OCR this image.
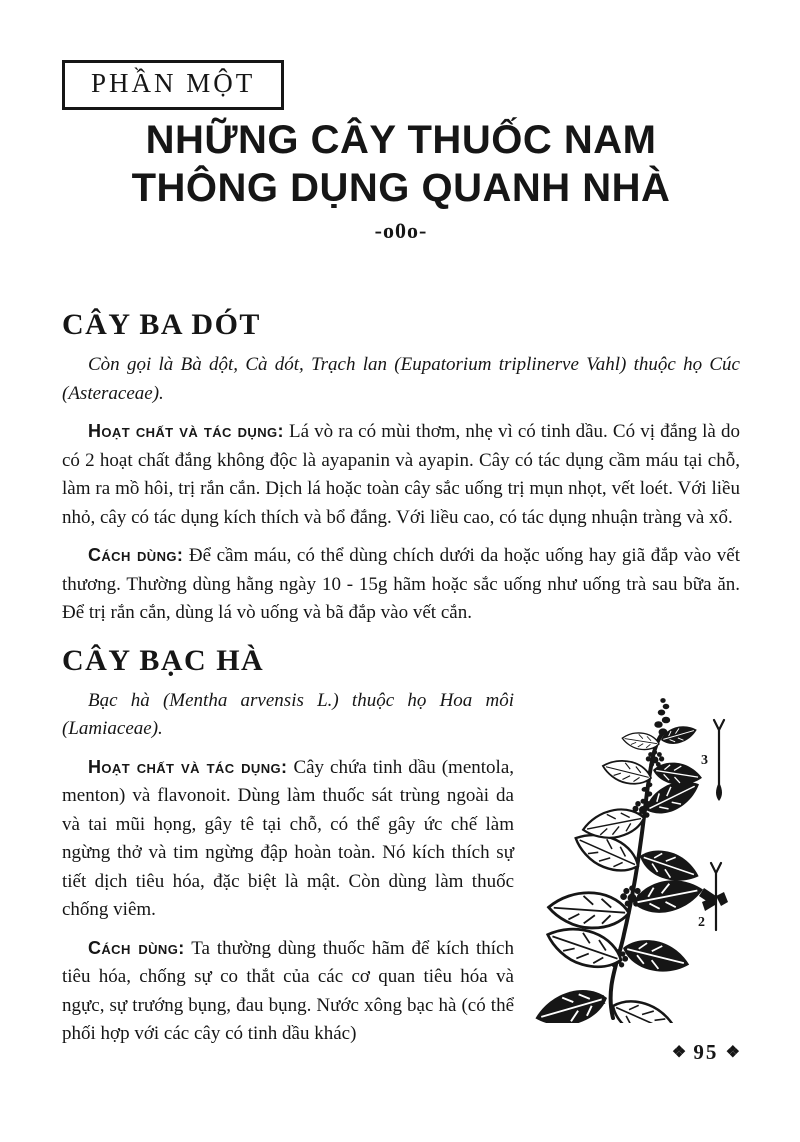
PHẦN MỘT
NHỮNG CÂY THUỐC NAM
THÔNG DỤNG QUANH NHÀ
-o0o-
CÂY BA DÓT

Còn gọi là Bà dột, Cà dót, Trạch lan (Eupatorium triplinerve Vahl) thuộc họ Cúc (Asteraceae).

Hoạt chất và tác dụng: Lá vò ra có mùi thơm, nhẹ vì có tinh dầu. Có vị đắng là do có 2 hoạt chất đắng không độc là ayapanin và ayapin. Cây có tác dụng cầm máu tại chỗ, làm ra mồ hôi, trị rắn cắn. Dịch lá hoặc toàn cây sắc uống trị mụn nhọt, vết loét. Với liều nhỏ, cây có tác dụng kích thích và bổ đắng. Với liều cao, có tác dụng nhuận tràng và xổ.

Cách dùng: Để cầm máu, có thể dùng chích dưới da hoặc uống hay giã đắp vào vết thương. Thường dùng hằng ngày 10 - 15g hãm hoặc sắc uống như uống trà sau bữa ăn. Để trị rắn cắn, dùng lá vò uống và bã đắp vào vết cắn.

CÂY BẠC HÀ

Bạc hà (Mentha arvensis L.) thuộc họ Hoa môi (Lamiaceae).

Hoạt chất và tác dụng: Cây chứa tinh dầu (mentola, menton) và flavonoit. Dùng làm thuốc sát trùng ngoài da và tai mũi họng, gây tê tại chỗ, có thể gây ức chế làm ngừng thở và tim ngừng đập hoàn toàn. Nó kích thích sự tiết dịch tiêu hóa, đặc biệt là mật. Còn dùng làm thuốc chống viêm.

Cách dùng: Ta thường dùng thuốc hãm để kích thích tiêu hóa, chống sự co thắt của các cơ quan tiêu hóa và ngực, sự trướng bụng, đau bụng. Nước xông bạc hà (có thể phối hợp với các cây có tinh dầu khác)

1
2
3
❖ 95 ❖
